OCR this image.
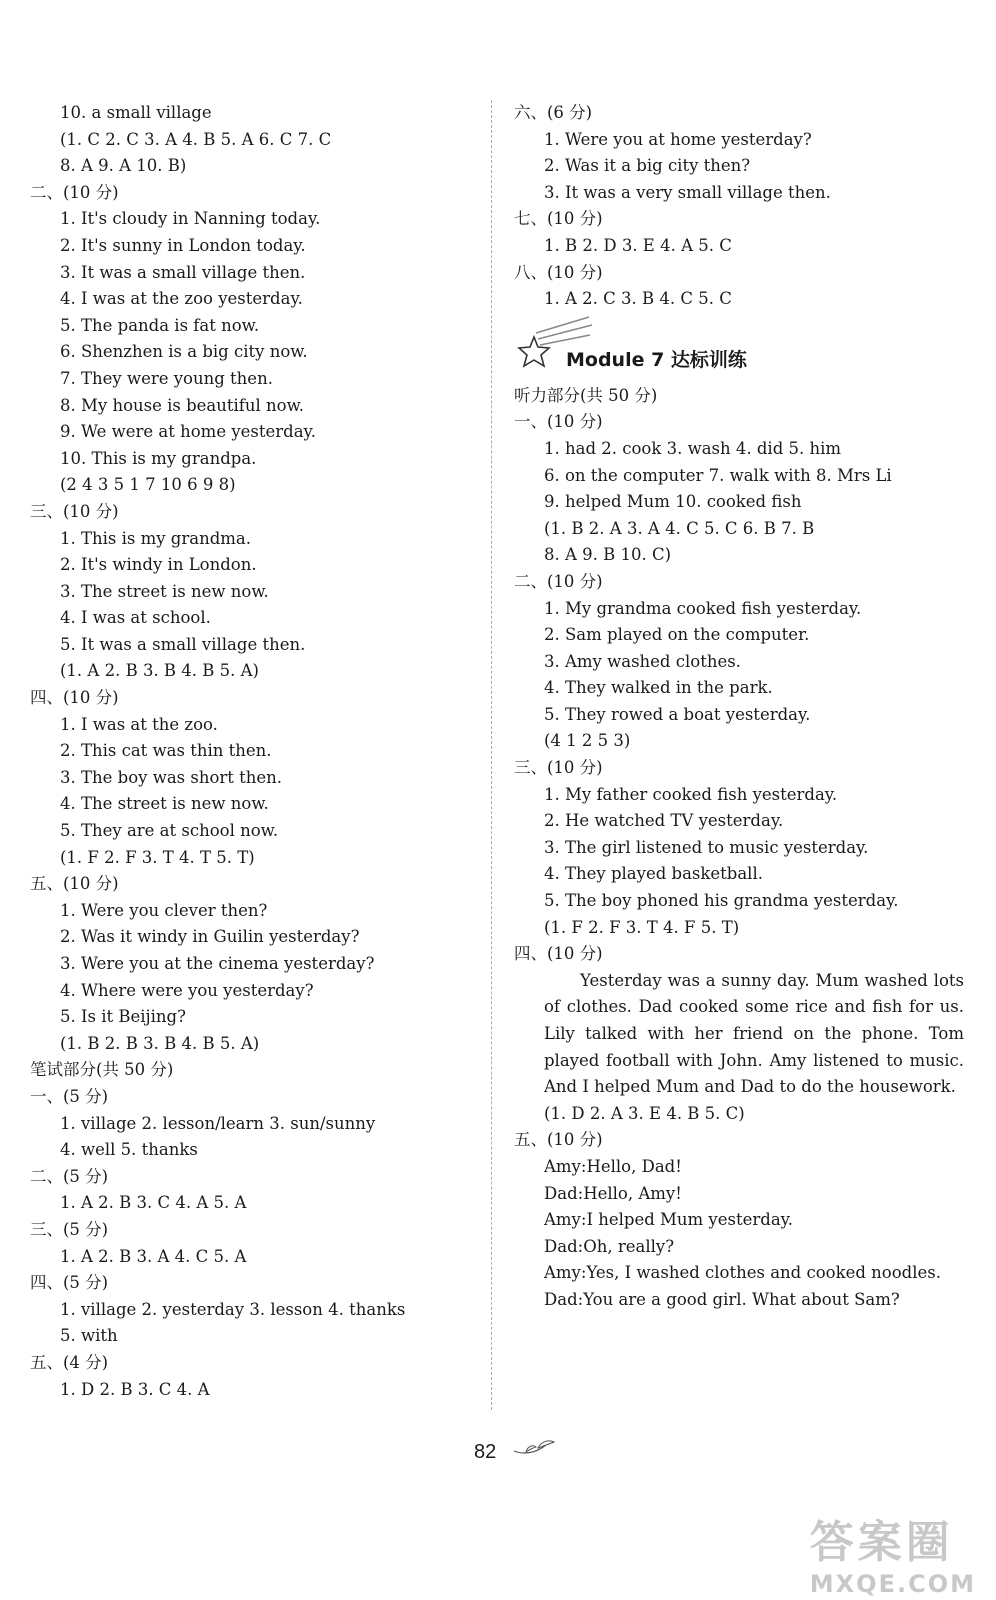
10. a small village
(1. C 2. C 3. A 4. B 5. A 6. C 7. C
8. A 9. A 10. B)
二、(10 分)
1. It's cloudy in Nanning today.
2. It's sunny in London today.
3. It was a small village then.
4. I was at the zoo yesterday.
5. The panda is fat now.
6. Shenzhen is a big city now.
7. They were young then.
8. My house is beautiful now.
9. We were at home yesterday.
10. This is my grandpa.
(2 4 3 5 1 7 10 6 9 8)
三、(10 分)
1. This is my grandma.
2. It's windy in London.
3. The street is new now.
4. I was at school.
5. It was a small village then.
(1. A 2. B 3. B 4. B 5. A)
四、(10 分)
1. I was at the zoo.
2. This cat was thin then.
3. The boy was short then.
4. The street is new now.
5. They are at school now.
(1. F 2. F 3. T 4. T 5. T)
五、(10 分)
1. Were you clever then?
2. Was it windy in Guilin yesterday?
3. Were you at the cinema yesterday?
4. Where were you yesterday?
5. Is it Beijing?
(1. B 2. B 3. B 4. B 5. A)
笔试部分(共 50 分)
一、(5 分)
1. village 2. lesson/learn 3. sun/sunny
4. well 5. thanks
二、(5 分)
1. A 2. B 3. C 4. A 5. A
三、(5 分)
1. A 2. B 3. A 4. C 5. A
四、(5 分)
1. village 2. yesterday 3. lesson 4. thanks
5. with
五、(4 分)
1. D 2. B 3. C 4. A
六、(6 分)
1. Were you at home yesterday?
2. Was it a big city then?
3. It was a very small village then.
七、(10 分)
1. B 2. D 3. E 4. A 5. C
八、(10 分)
1. A 2. C 3. B 4. C 5. C
Module 7 达标训练
听力部分(共 50 分)
一、(10 分)
1. had 2. cook 3. wash 4. did 5. him
6. on the computer 7. walk with 8. Mrs Li
9. helped Mum 10. cooked fish
(1. B 2. A 3. A 4. C 5. C 6. B 7. B
8. A 9. B 10. C)
二、(10 分)
1. My grandma cooked fish yesterday.
2. Sam played on the computer.
3. Amy washed clothes.
4. They walked in the park.
5. They rowed a boat yesterday.
(4 1 2 5 3)
三、(10 分)
1. My father cooked fish yesterday.
2. He watched TV yesterday.
3. The girl listened to music yesterday.
4. They played basketball.
5. The boy phoned his grandma yesterday.
(1. F 2. F 3. T 4. F 5. T)
四、(10 分)
Yesterday was a sunny day. Mum washed lots of clothes. Dad cooked some rice and fish for us. Lily talked with her friend on the phone. Tom played football with John. Amy listened to music. And I helped Mum and Dad to do the housework.
(1. D 2. A 3. E 4. B 5. C)
五、(10 分)
Amy: Hello, Dad!
Dad: Hello, Amy!
Amy: I helped Mum yesterday.
Dad: Oh, really?
Amy: Yes, I washed clothes and cooked noodles.
Dad: You are a good girl. What about Sam?
82
答案圈
MXQE.COM
